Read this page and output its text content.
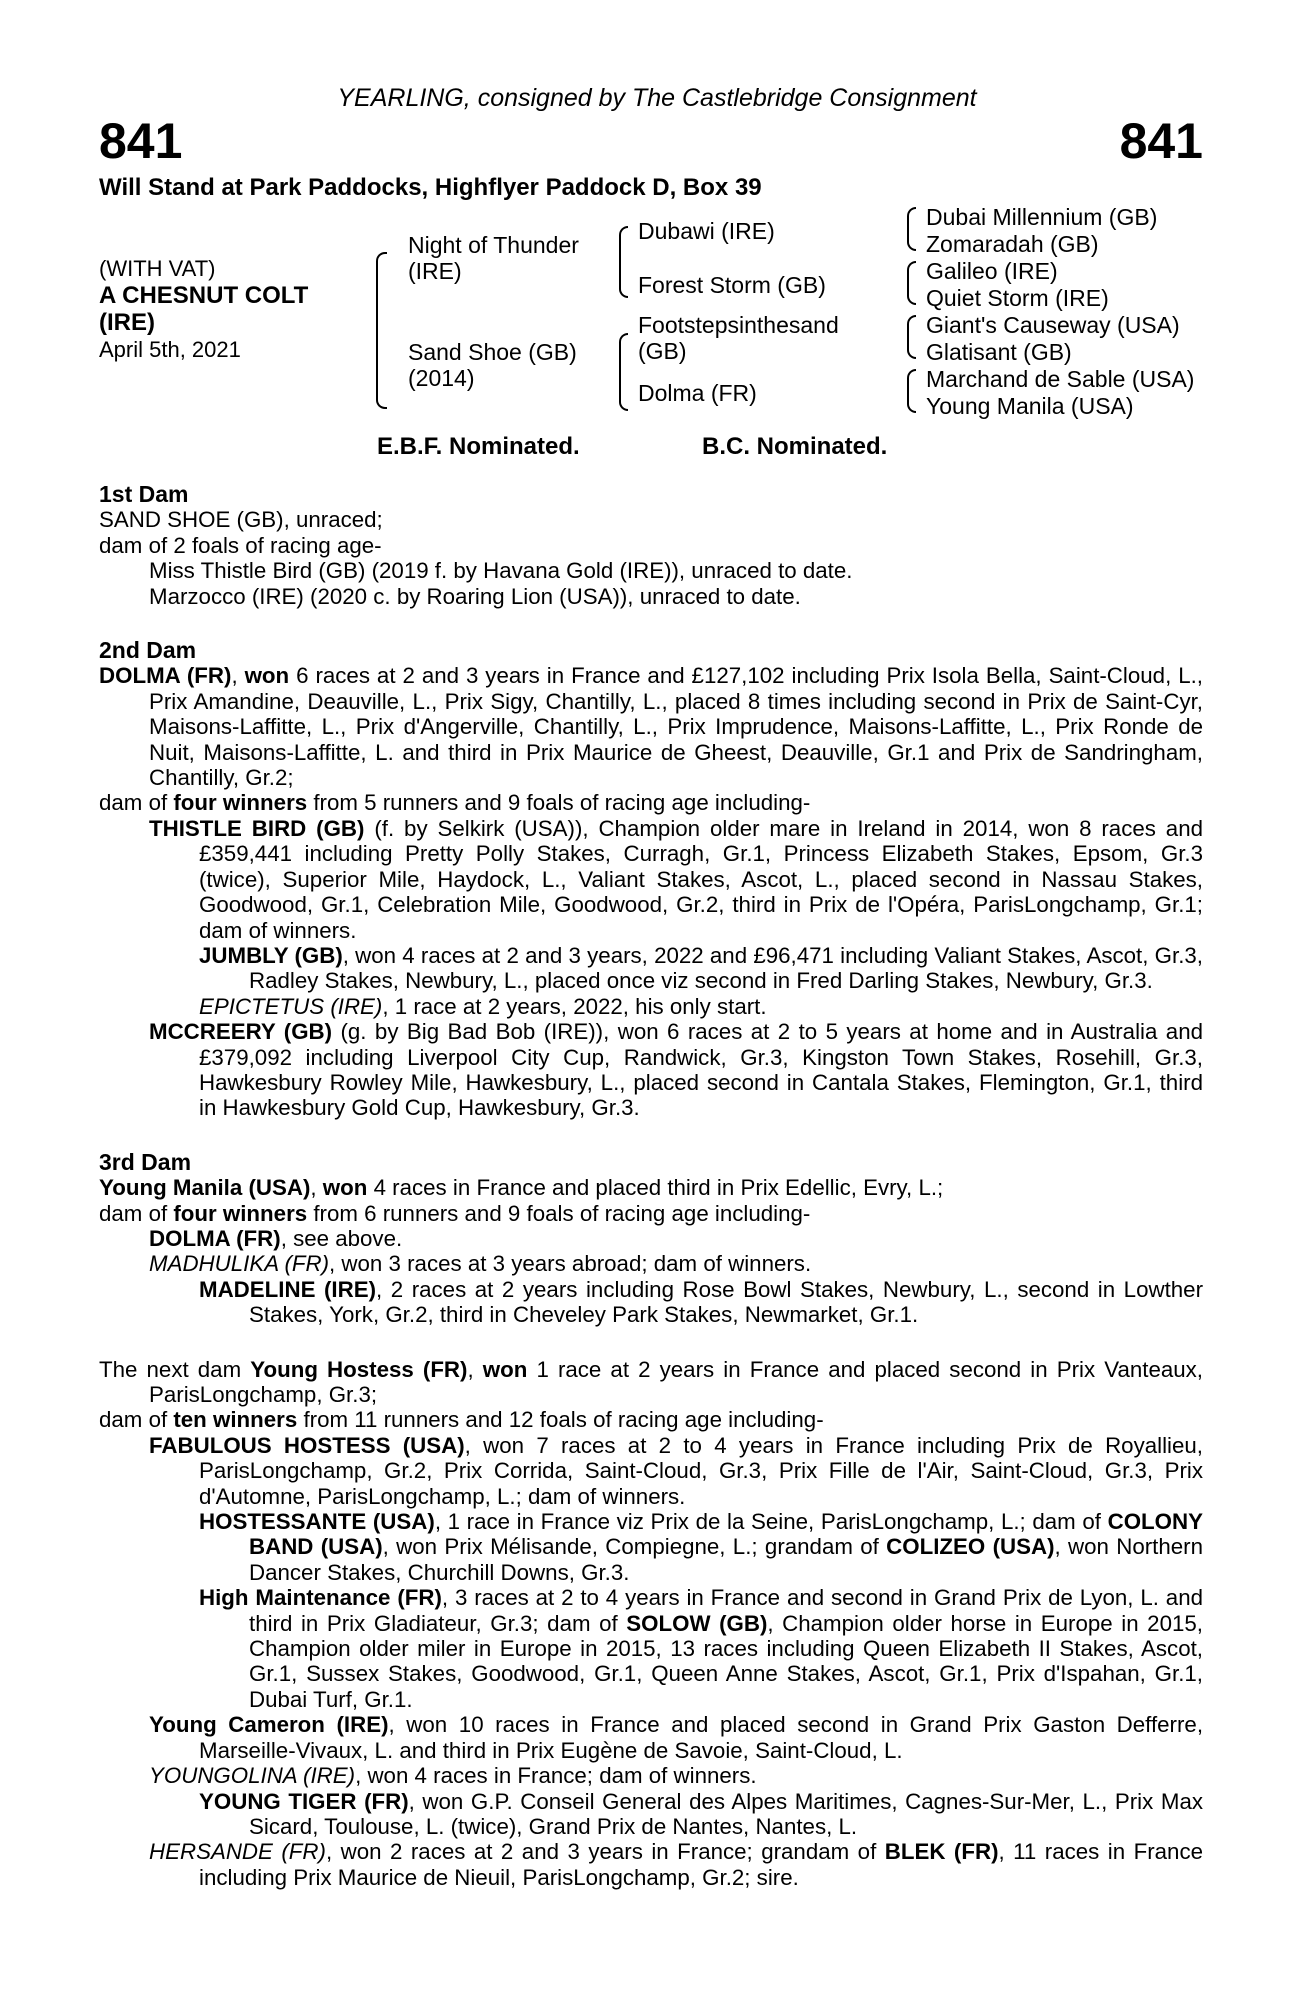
YEARLING, consigned by The Castlebridge Consignment
841	841
Will Stand at Park Paddocks, Highflyer Paddock D, Box 39
(WITH VAT)
A CHESNUT COLT
(IRE)
April 5th, 2021
Night of Thunder
(IRE)
Sand Shoe (GB)
(2014)
Dubawi (IRE)
Forest Storm (GB)
Footstepsinthesand
(GB)
Dolma (FR)
Dubai Millennium (GB)
Zomaradah (GB)
Galileo (IRE)
Quiet Storm (IRE)
Giant's Causeway (USA)
Glatisant (GB)
Marchand de Sable (USA)
Young Manila (USA)
E.B.F. Nominated.	B.C. Nominated.

1st Dam

SAND SHOE (GB), unraced;

dam of 2 foals of racing age-

Miss Thistle Bird (GB) (2019 f. by Havana Gold (IRE)), unraced to date.

Marzocco (IRE) (2020 c. by Roaring Lion (USA)), unraced to date.

2nd Dam

DOLMA (FR), won 6 races at 2 and 3 years in France and £127,102 including Prix Isola Bella, Saint-Cloud, L., Prix Amandine, Deauville, L., Prix Sigy, Chantilly, L., placed 8 times including second in Prix de Saint-Cyr, Maisons-Laffitte, L., Prix d'Angerville, Chantilly, L., Prix Imprudence, Maisons-Laffitte, L., Prix Ronde de Nuit, Maisons-Laffitte, L. and third in Prix Maurice de Gheest, Deauville, Gr.1 and Prix de Sandringham, Chantilly, Gr.2;

dam of four winners from 5 runners and 9 foals of racing age including-

THISTLE BIRD (GB) (f. by Selkirk (USA)), Champion older mare in Ireland in 2014, won 8 races and £359,441 including Pretty Polly Stakes, Curragh, Gr.1, Princess Elizabeth Stakes, Epsom, Gr.3 (twice), Superior Mile, Haydock, L., Valiant Stakes, Ascot, L., placed second in Nassau Stakes, Goodwood, Gr.1, Celebration Mile, Goodwood, Gr.2, third in Prix de l'Opéra, ParisLongchamp, Gr.1; dam of winners.

JUMBLY (GB), won 4 races at 2 and 3 years, 2022 and £96,471 including Valiant Stakes, Ascot, Gr.3, Radley Stakes, Newbury, L., placed once viz second in Fred Darling Stakes, Newbury, Gr.3.

EPICTETUS (IRE), 1 race at 2 years, 2022, his only start.

MCCREERY (GB) (g. by Big Bad Bob (IRE)), won 6 races at 2 to 5 years at home and in Australia and £379,092 including Liverpool City Cup, Randwick, Gr.3, Kingston Town Stakes, Rosehill, Gr.3, Hawkesbury Rowley Mile, Hawkesbury, L., placed second in Cantala Stakes, Flemington, Gr.1, third in Hawkesbury Gold Cup, Hawkesbury, Gr.3.

3rd Dam

Young Manila (USA), won 4 races in France and placed third in Prix Edellic, Evry, L.;

dam of four winners from 6 runners and 9 foals of racing age including-

DOLMA (FR), see above.

MADHULIKA (FR), won 3 races at 3 years abroad; dam of winners.

MADELINE (IRE), 2 races at 2 years including Rose Bowl Stakes, Newbury, L., second in Lowther Stakes, York, Gr.2, third in Cheveley Park Stakes, Newmarket, Gr.1.

The next dam Young Hostess (FR), won 1 race at 2 years in France and placed second in Prix Vanteaux, ParisLongchamp, Gr.3;

dam of ten winners from 11 runners and 12 foals of racing age including-

FABULOUS HOSTESS (USA), won 7 races at 2 to 4 years in France including Prix de Royallieu, ParisLongchamp, Gr.2, Prix Corrida, Saint-Cloud, Gr.3, Prix Fille de l'Air, Saint-Cloud, Gr.3, Prix d'Automne, ParisLongchamp, L.; dam of winners.

HOSTESSANTE (USA), 1 race in France viz Prix de la Seine, ParisLongchamp, L.; dam of COLONY BAND (USA), won Prix Mélisande, Compiegne, L.; grandam of COLIZEO (USA), won Northern Dancer Stakes, Churchill Downs, Gr.3.

High Maintenance (FR), 3 races at 2 to 4 years in France and second in Grand Prix de Lyon, L. and third in Prix Gladiateur, Gr.3; dam of SOLOW (GB), Champion older horse in Europe in 2015, Champion older miler in Europe in 2015, 13 races including Queen Elizabeth II Stakes, Ascot, Gr.1, Sussex Stakes, Goodwood, Gr.1, Queen Anne Stakes, Ascot, Gr.1, Prix d'Ispahan, Gr.1, Dubai Turf, Gr.1.

Young Cameron (IRE), won 10 races in France and placed second in Grand Prix Gaston Defferre, Marseille-Vivaux, L. and third in Prix Eugène de Savoie, Saint-Cloud, L.

YOUNGOLINA (IRE), won 4 races in France; dam of winners.

YOUNG TIGER (FR), won G.P. Conseil General des Alpes Maritimes, Cagnes-Sur-Mer, L., Prix Max Sicard, Toulouse, L. (twice), Grand Prix de Nantes, Nantes, L.

HERSANDE (FR), won 2 races at 2 and 3 years in France; grandam of BLEK (FR), 11 races in France including Prix Maurice de Nieuil, ParisLongchamp, Gr.2; sire.
